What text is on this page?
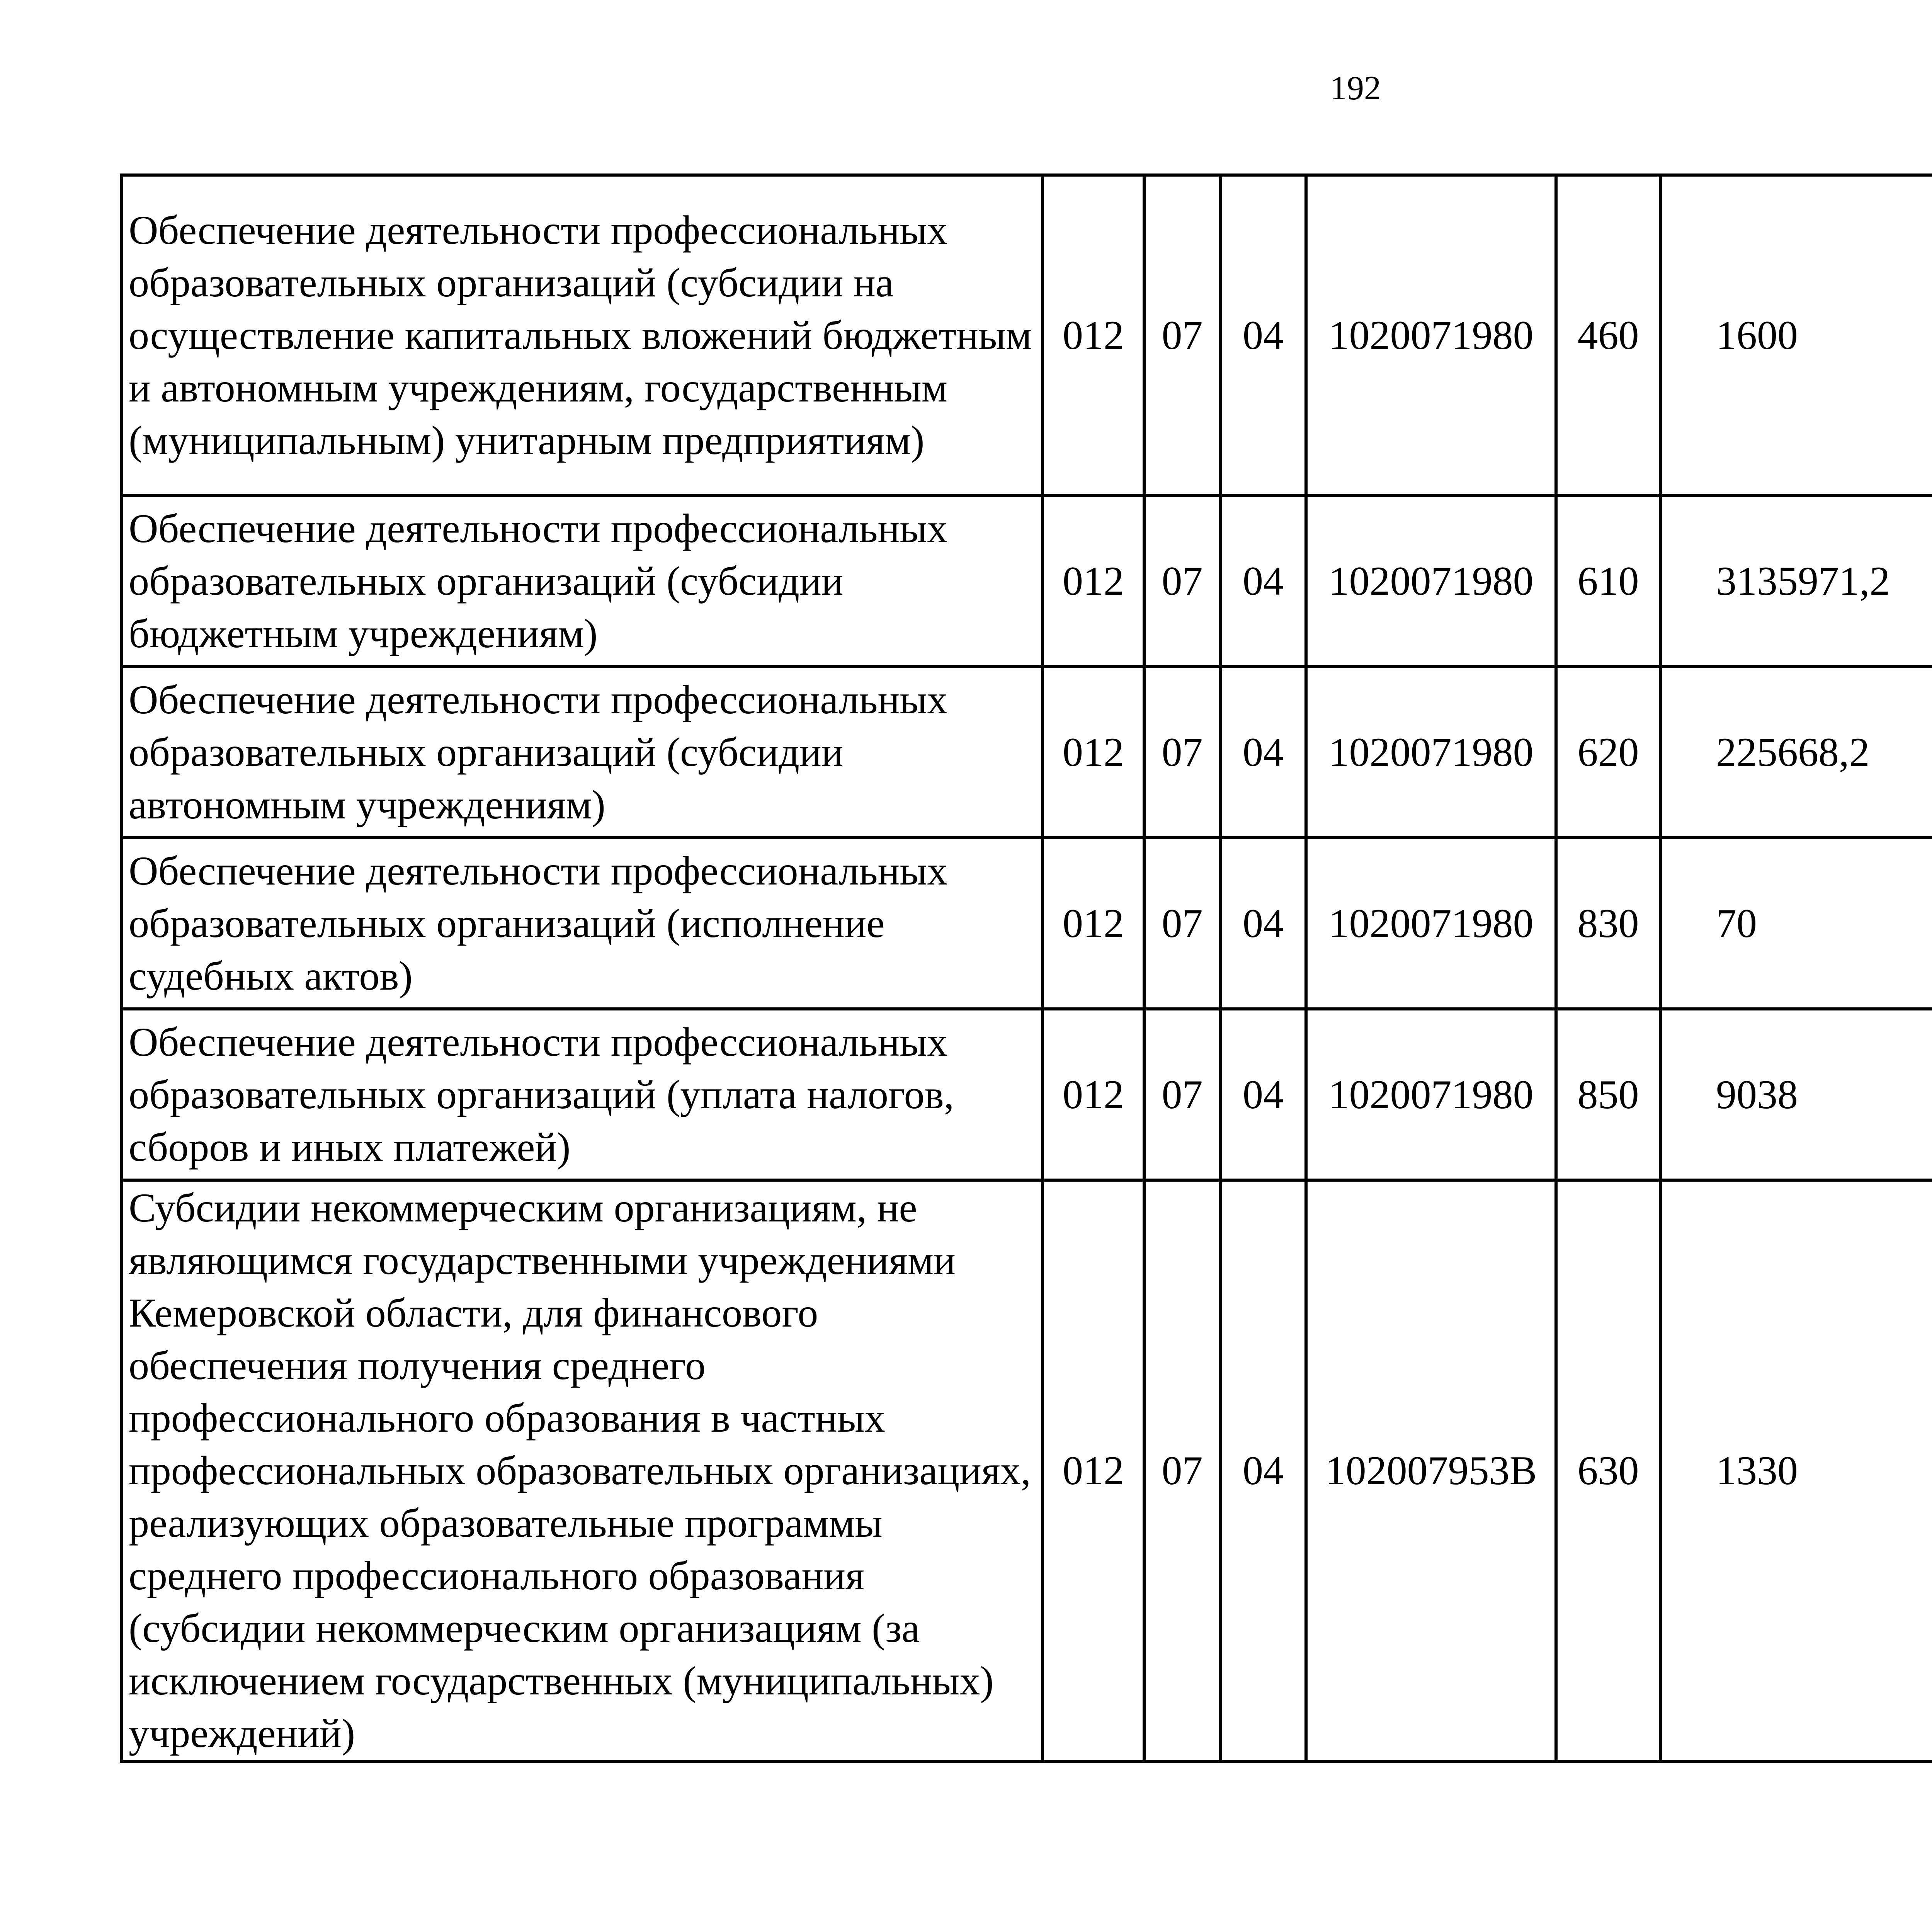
192
Обеспечение деятельности профессиональных образовательных организаций (субсидии на осуществление капитальных вложений бюджетным и автономным учреждениям, государственным (муниципальным) унитарным предприятиям)	012	07	04	1020071980	460	1600		
Обеспечение деятельности профессиональных образовательных организаций (субсидии бюджетным учреждениям)	012	07	04	1020071980	610	3135971,2		
Обеспечение деятельности профессиональных образовательных организаций (субсидии автономным учреждениям)	012	07	04	1020071980	620	225668,2		
Обеспечение деятельности профессиональных образовательных организаций (исполнение судебных актов)	012	07	04	1020071980	830	70		
Обеспечение деятельности профессиональных образовательных организаций (уплата налогов, сборов и иных платежей)	012	07	04	1020071980	850	9038		
Субсидии некоммерческим организациям, не являющимся государственными учреждениями Кемеровской области, для финансового обеспечения получения среднего профессионального образования в частных профессиональных образовательных организациях, реализующих образовательные программы среднего профессионального образования (субсидии некоммерческим организациям (за исключением государственных (муниципальных) учреждений)	012	07	04	102007953В	630	1330		
